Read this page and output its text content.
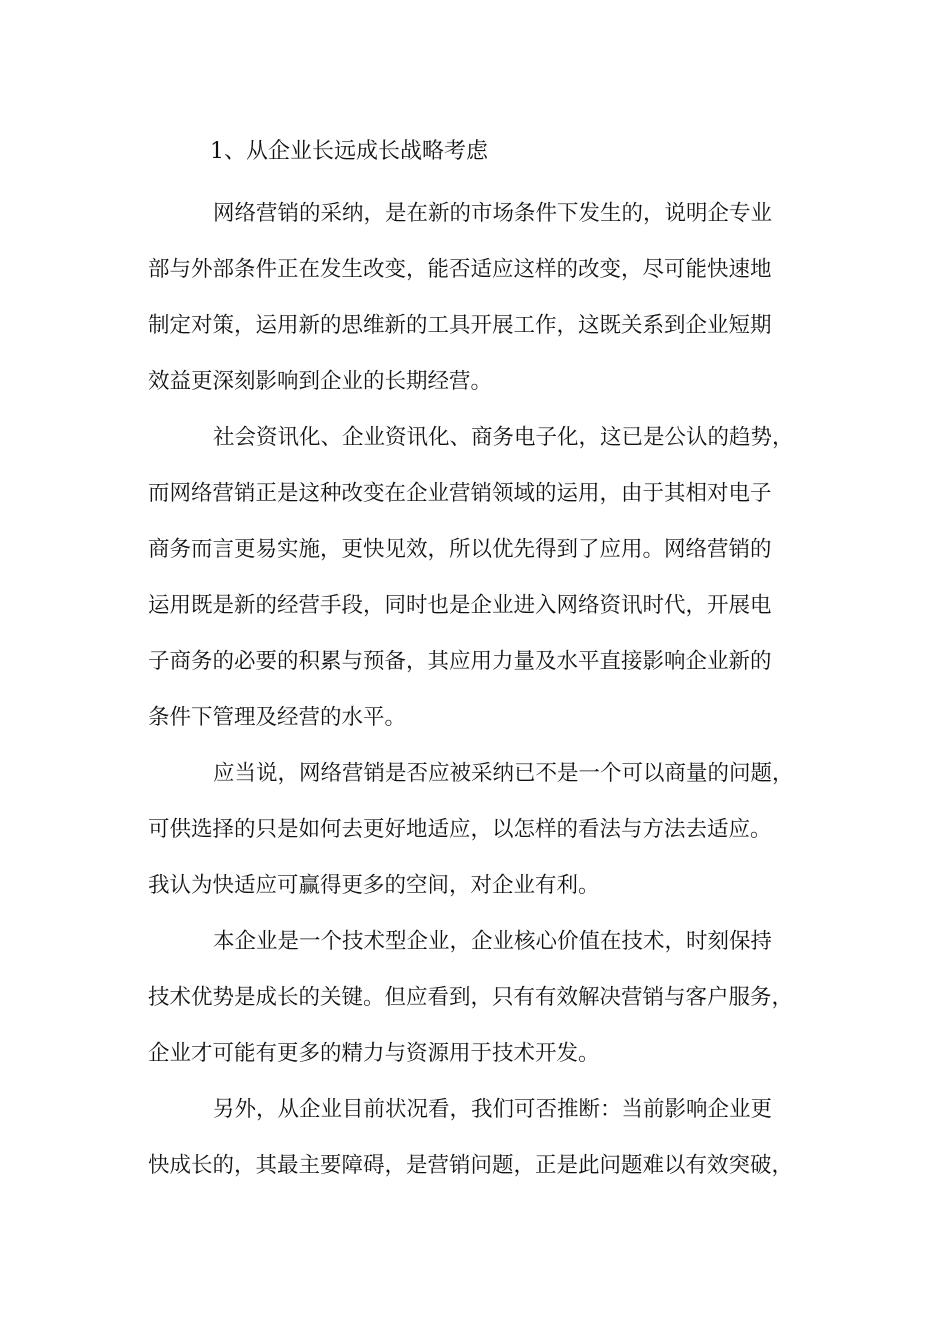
1、从企业长远成长战略考虑
网络营销的采纳，是在新的市场条件下发生的，说明企专业
部与外部条件正在发生改变，能否适应这样的改变，尽可能快速地
制定对策，运用新的思维新的工具开展工作，这既关系到企业短期
效益更深刻影响到企业的长期经营。
社会资讯化、企业资讯化、商务电子化，这已是公认的趋势，
而网络营销正是这种改变在企业营销领域的运用，由于其相对电子
商务而言更易实施，更快见效，所以优先得到了应用。网络营销的
运用既是新的经营手段，同时也是企业进入网络资讯时代，开展电
子商务的必要的积累与预备，其应用力量及水平直接影响企业新的
条件下管理及经营的水平。
应当说，网络营销是否应被采纳已不是一个可以商量的问题，
可供选择的只是如何去更好地适应，以怎样的看法与方法去适应。
我认为快适应可赢得更多的空间，对企业有利。
本企业是一个技术型企业，企业核心价值在技术，时刻保持
技术优势是成长的关键。但应看到，只有有效解决营销与客户服务，
企业才可能有更多的精力与资源用于技术开发。
另外，从企业目前状况看，我们可否推断：当前影响企业更
快成长的，其最主要障碍，是营销问题，正是此问题难以有效突破，
